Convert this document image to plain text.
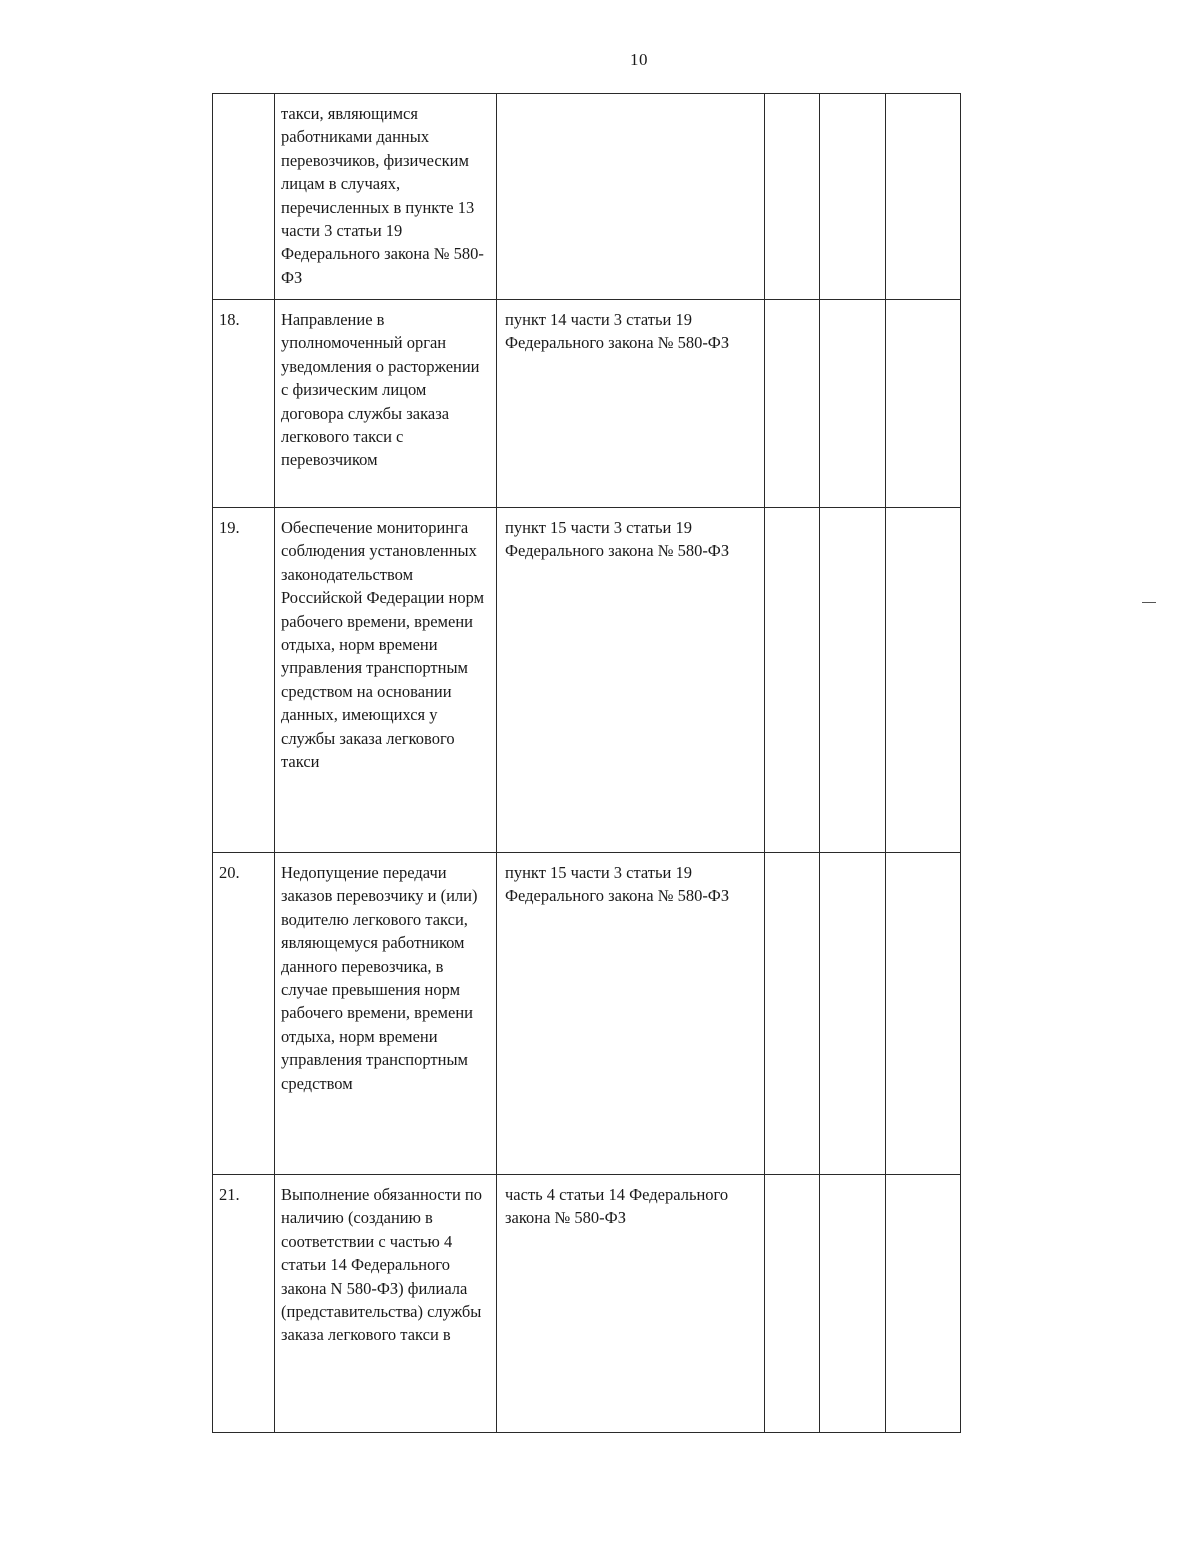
10

	такси, являющимся работниками данных перевозчиков, физическим лицам в случаях, перечисленных в пункте 13 части 3 статьи 19 Федерального закона № 580-ФЗ				

18.	Направление в уполномоченный орган уведомления о расторжении с физическим лицом договора службы заказа легкового такси с перевозчиком	пункт 14 части 3 статьи 19 Федерального закона № 580-ФЗ			

19.	Обеспечение мониторинга соблюдения установленных законодательством Российской Федерации норм рабочего времени, времени отдыха, норм времени управления транспортным средством на основании данных, имеющихся у службы заказа легкового такси	пункт 15 части 3 статьи 19 Федерального закона № 580-ФЗ			

20.	Недопущение передачи заказов перевозчику и (или) водителю легкового такси, являющемуся работником данного перевозчика, в случае превышения норм рабочего времени, времени отдыха, норм времени управления транспортным средством	пункт 15 части 3 статьи 19 Федерального закона № 580-ФЗ			

21.	Выполнение обязанности по наличию (созданию в соответствии с частью 4 статьи 14 Федерального закона N 580-ФЗ) филиала (представительства) службы заказа легкового такси в	часть 4 статьи 14 Федерального закона № 580-ФЗ			
